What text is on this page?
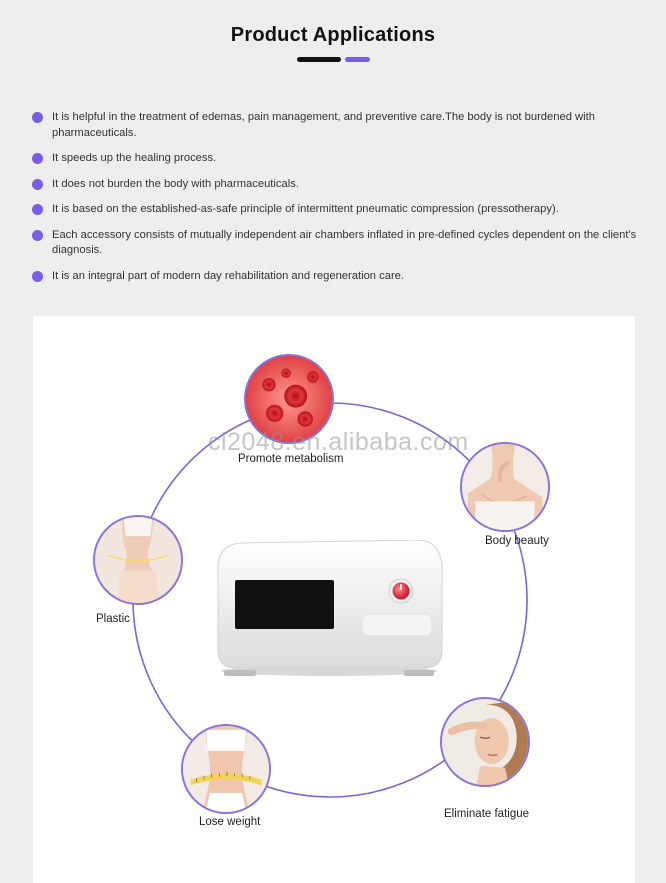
Product Applications
It is helpful in the treatment of edemas, pain management, and preventive care.The body is not burdened with pharmaceuticals.
It speeds up the healing process.
It does not burden the body with pharmaceuticals.
It is based on the established-as-safe principle of intermittent pneumatic compression (pressotherapy).
Each accessory consists of mutually independent air chambers inflated in pre-defined cycles dependent on the client's diagnosis.
It is an integral part of modern day rehabilitation and regeneration care.
Promote metabolism
ci2048.en.alibaba.com
Body beauty
Plastic
Lose weight
Eliminate fatigue
